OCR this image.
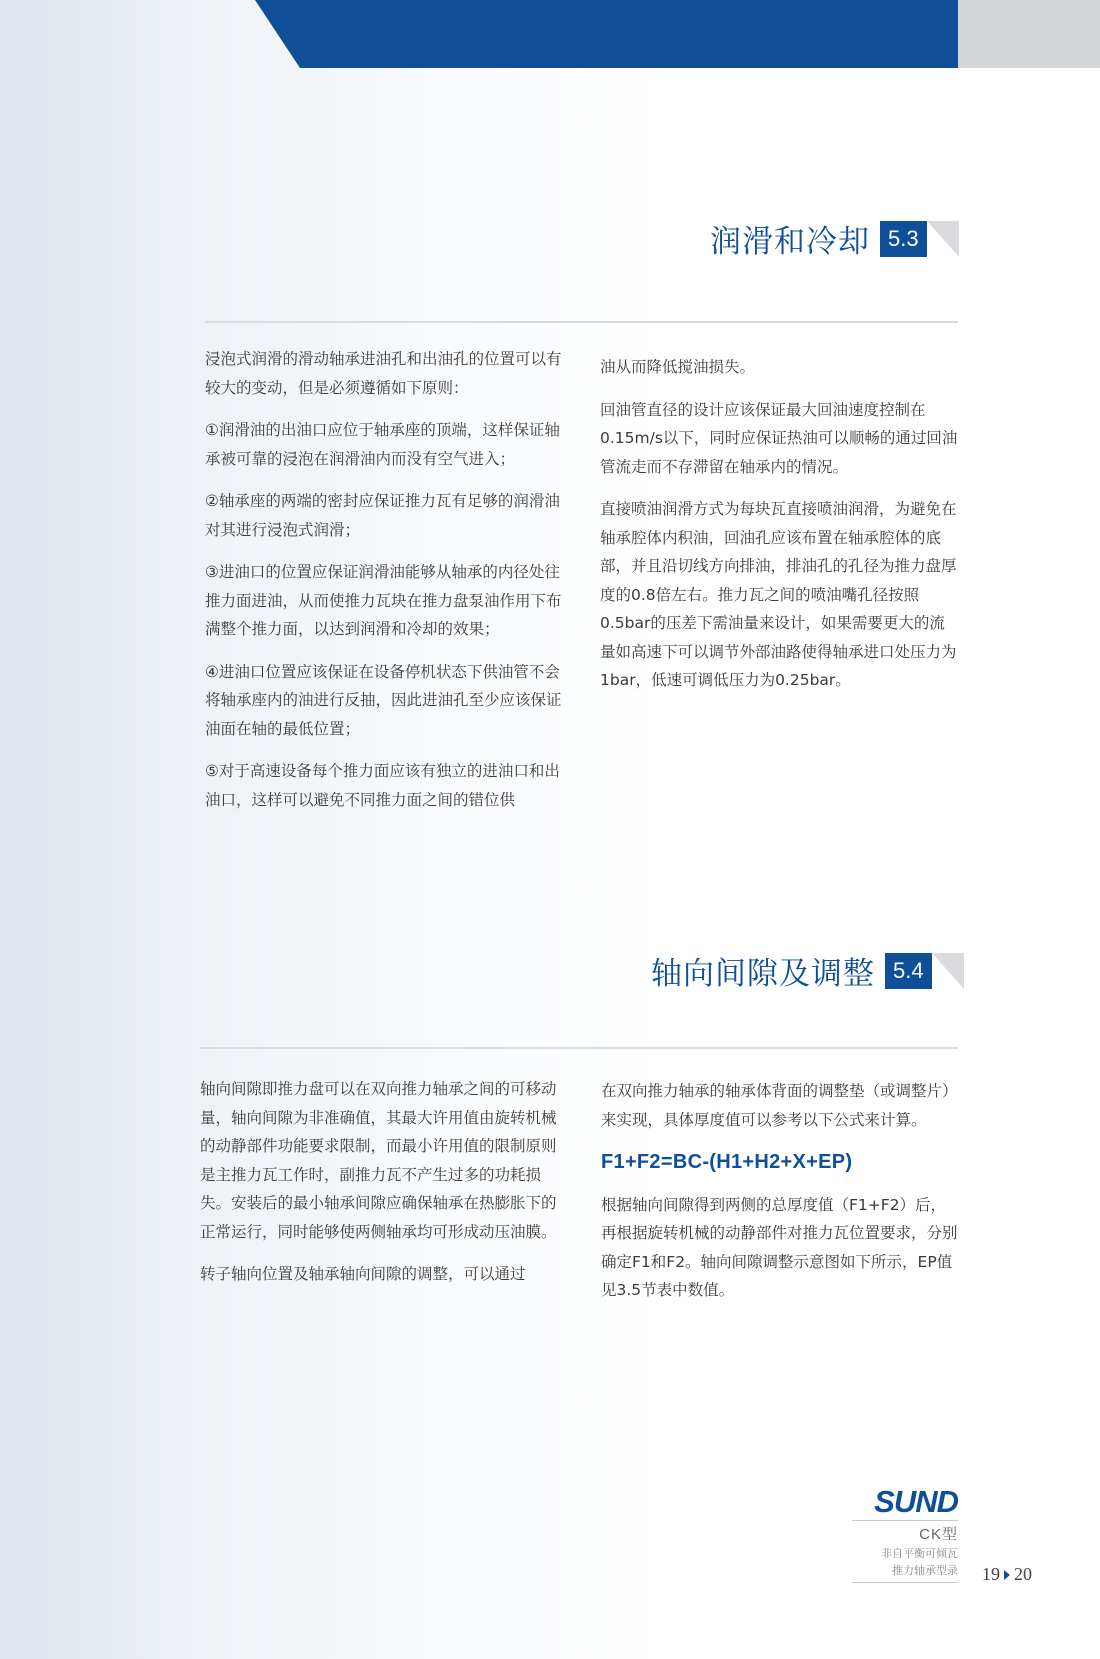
润滑和冷却 5.3

浸泡式润滑的滑动轴承进油孔和出油孔的位置可以有较大的变动，但是必须遵循如下原则：

①润滑油的出油口应位于轴承座的顶端，这样保证轴承被可靠的浸泡在润滑油内而没有空气进入；

②轴承座的两端的密封应保证推力瓦有足够的润滑油对其进行浸泡式润滑；

③进油口的位置应保证润滑油能够从轴承的内径处往推力面进油，从而使推力瓦块在推力盘泵油作用下布满整个推力面，以达到润滑和冷却的效果；

④进油口位置应该保证在设备停机状态下供油管不会将轴承座内的油进行反抽，因此进油孔至少应该保证油面在轴的最低位置；

⑤对于高速设备每个推力面应该有独立的进油口和出油口，这样可以避免不同推力面之间的错位供

油从而降低搅油损失。

回油管直径的设计应该保证最大回油速度控制在0.15m/s以下，同时应保证热油可以顺畅的通过回油管流走而不存滞留在轴承内的情况。

直接喷油润滑方式为每块瓦直接喷油润滑，为避免在轴承腔体内积油，回油孔应该布置在轴承腔体的底部，并且沿切线方向排油，排油孔的孔径为推力盘厚度的0.8倍左右。推力瓦之间的喷油嘴孔径按照0.5bar的压差下需油量来设计，如果需要更大的流量如高速下可以调节外部油路使得轴承进口处压力为1bar，低速可调低压力为0.25bar。

轴向间隙及调整 5.4

轴向间隙即推力盘可以在双向推力轴承之间的可移动量，轴向间隙为非准确值，其最大许用值由旋转机械的动静部件功能要求限制，而最小许用值的限制原则是主推力瓦工作时，副推力瓦不产生过多的功耗损失。安装后的最小轴承间隙应确保轴承在热膨胀下的正常运行，同时能够使两侧轴承均可形成动压油膜。

转子轴向位置及轴承轴向间隙的调整，可以通过

在双向推力轴承的轴承体背面的调整垫（或调整片）来实现，具体厚度值可以参考以下公式来计算。

F1+F2=BC-(H1+H2+X+EP)

根据轴向间隙得到两侧的总厚度值（F1+F2）后，再根据旋转机械的动静部件对推力瓦位置要求，分别确定F1和F2。轴向间隙调整示意图如下所示，EP值见3.5节表中数值。

SUND
CK型
非自平衡可倾瓦
推力轴承型录 19 20
